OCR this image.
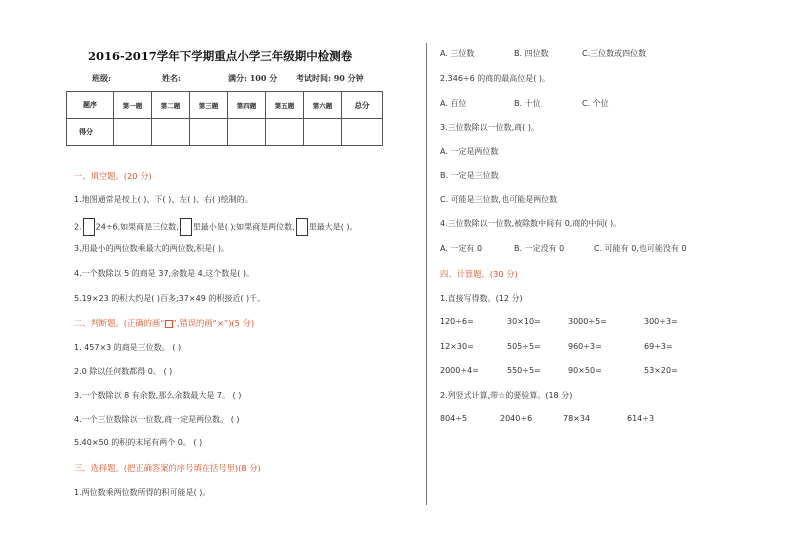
2016-2017学年下学期重点小学三年级期中检测卷
班级:	姓名:	满分: 100 分 考试时间: 90 分钟
题序	第一题	第二题	第三题	第四题	第五题	第六题	总分
得分							
一、填空题。(20 分)
1.地图通常是按上( )、下( )、左( )、右( )绘制的。
2. 24÷6,如果商是三位数, 里最小是( );如果商是两位数, 里最大是( )。
3.用最小的两位数乘最大的两位数,积是( )。
4.一个数除以 5 的商是 37,余数是 4,这个数是( )。
5.19×23 的积大约是( )百多;37×49 的积接近( )千。
二、判断题。(正确的画“ ”,错误的画“×”)(5 分)
1. 457×3 的商是三位数。 ( )
2.0 除以任何数都得 0。 ( )
3.一个数除以 8 有余数,那么余数最大是 7。 ( )
4.一个三位数除以一位数,商一定是两位数。 ( )
5.40×50 的积的末尾有两个 0。 ( )
三、选择题。(把正确答案的序号填在括号里)(8 分)
1.两位数乘两位数所得的积可能是( )。
A. 三位数	B. 四位数	C.三位数或四位数
2.346÷6 的商的最高位是( )。
A. 百位	B. 十位	C. 个位
3.三位数除以一位数,商( )。
A. 一定是两位数
B. 一定是三位数
C. 可能是三位数,也可能是两位数
4.三位数除以一位数,被除数中间有 0,商的中间( )。
A. 一定有 0	B. 一定没有 0	C. 可能有 0,也可能没有 0
四、计算题。(30 分)
1.直接写得数。(12 分)
120÷6=	30×10=	3000÷5=	300÷3=
12×30=	505÷5=	960÷3=	69÷3=
2000÷4=	550÷5=	90×50=	53×20=
2.列竖式计算,带☆的要验算。(18 分)
804÷5	2040÷6	78×34	614÷3
